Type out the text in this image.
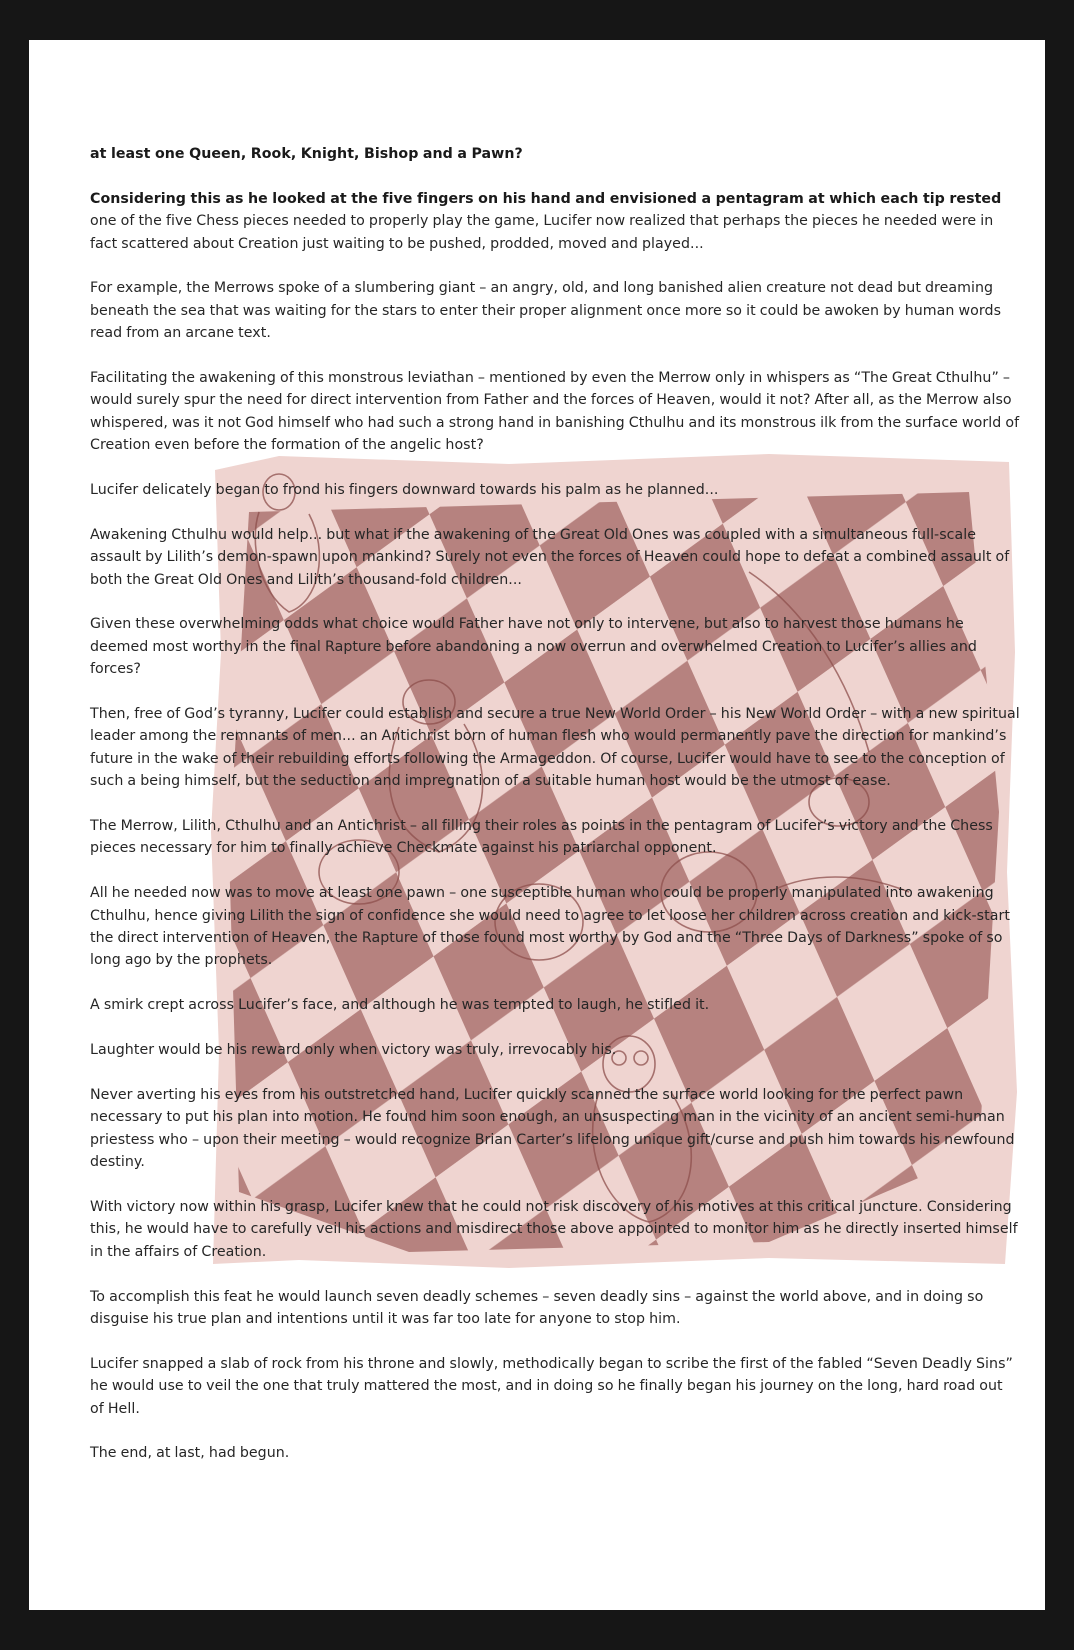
at least one Queen, Rook, Knight, Bishop and a Pawn?

Considering this as he looked at the five fingers on his hand and envisioned a pentagram at which each tip rested one of the five Chess pieces needed to properly play the game, Lucifer now realized that perhaps the pieces he needed were in fact scattered about Creation just waiting to be pushed, prodded, moved and played...

For example, the Merrows spoke of a slumbering giant – an angry, old, and long banished alien creature not dead but dreaming beneath the sea that was waiting for the stars to enter their proper alignment once more so it could be awoken by human words read from an arcane text.

Facilitating the awakening of this monstrous leviathan – mentioned by even the Merrow only in whispers as “The Great Cthulhu” – would surely spur the need for direct intervention from Father and the forces of Heaven, would it not? After all, as the Merrow also whispered, was it not God himself who had such a strong hand in banishing Cthulhu and its monstrous ilk from the surface world of Creation even before the formation of the angelic host?

Lucifer delicately began to frond his fingers downward towards his palm as he planned...

Awakening Cthulhu would help... but what if the awakening of the Great Old Ones was coupled with a simultaneous full-scale assault by Lilith’s demon-spawn upon mankind? Surely not even the forces of Heaven could hope to defeat a combined assault of both the Great Old Ones and Lilith’s thousand-fold children...

Given these overwhelming odds what choice would Father have not only to intervene, but also to harvest those humans he deemed most worthy in the final Rapture before abandoning a now overrun and overwhelmed Creation to Lucifer’s allies and forces?

Then, free of God’s tyranny, Lucifer could establish and secure a true New World Order – his New World Order – with a new spiritual leader among the remnants of men... an Antichrist born of human flesh who would permanently pave the direction for mankind’s future in the wake of their rebuilding efforts following the Armageddon. Of course, Lucifer would have to see to the conception of such a being himself, but the seduction and impregnation of a suitable human host would be the utmost of ease.

The Merrow, Lilith, Cthulhu and an Antichrist – all filling their roles as points in the pentagram of Lucifer’s victory and the Chess pieces necessary for him to finally achieve Checkmate against his patriarchal opponent.

All he needed now was to move at least one pawn – one susceptible human who could be properly manipulated into awakening Cthulhu, hence giving Lilith the sign of confidence she would need to agree to let loose her children across creation and kick-start the direct intervention of Heaven, the Rapture of those found most worthy by God and the “Three Days of Darkness” spoke of so long ago by the prophets.

A smirk crept across Lucifer’s face, and although he was tempted to laugh, he stifled it.

Laughter would be his reward only when victory was truly, irrevocably his.

Never averting his eyes from his outstretched hand, Lucifer quickly scanned the surface world looking for the perfect pawn necessary to put his plan into motion. He found him soon enough, an unsuspecting man in the vicinity of an ancient semi-human priestess who – upon their meeting – would recognize Brian Carter’s lifelong unique gift/curse and push him towards his newfound destiny.

With victory now within his grasp, Lucifer knew that he could not risk discovery of his motives at this critical juncture. Considering this, he would have to carefully veil his actions and misdirect those above appointed to monitor him as he directly inserted himself in the affairs of Creation.

To accomplish this feat he would launch seven deadly schemes – seven deadly sins – against the world above, and in doing so disguise his true plan and intentions until it was far too late for anyone to stop him.

Lucifer snapped a slab of rock from his throne and slowly, methodically began to scribe the first of the fabled “Seven Deadly Sins” he would use to veil the one that truly mattered the most, and in doing so he finally began his journey on the long, hard road out of Hell.

The end, at last, had begun.
